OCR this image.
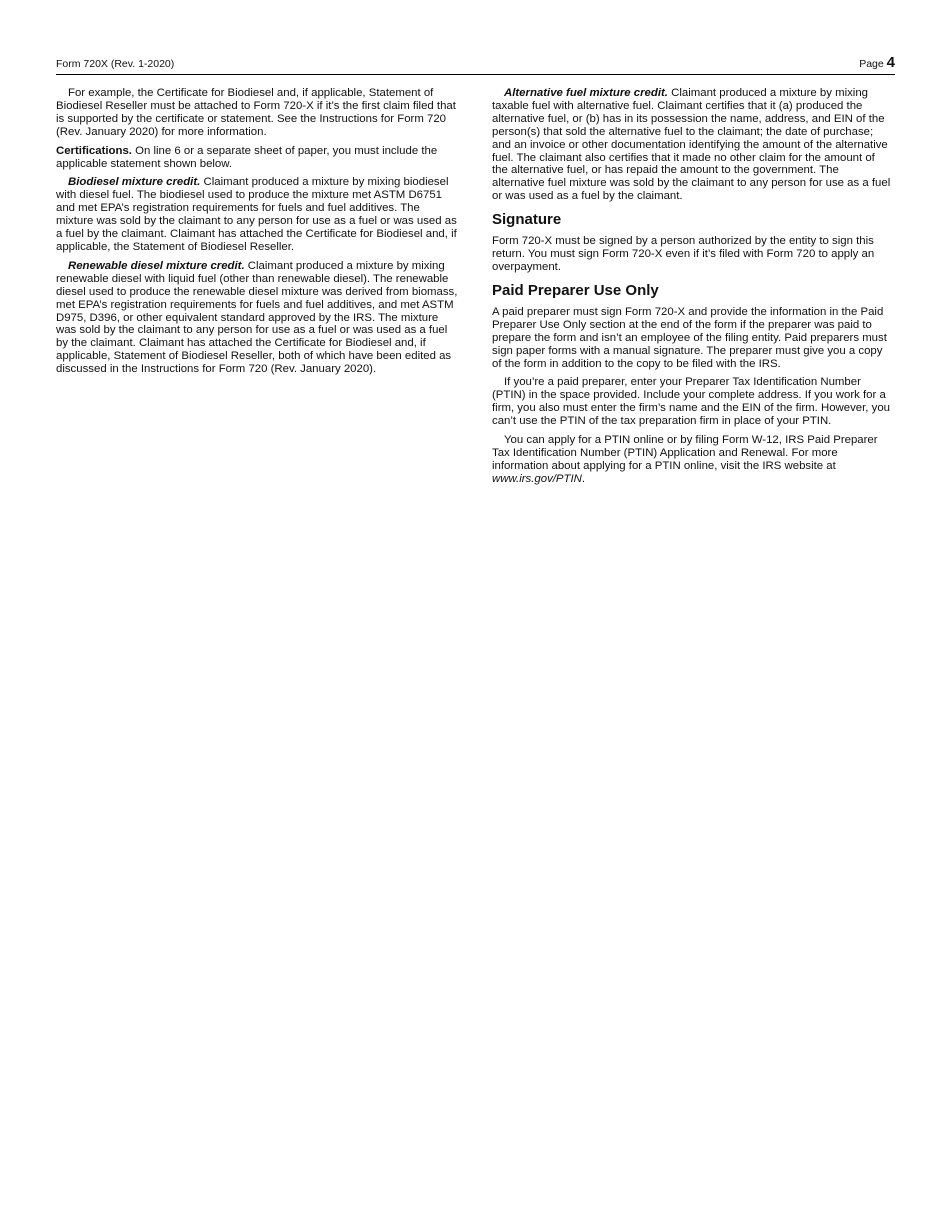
Form 720X (Rev. 1-2020)	Page 4

For example, the Certificate for Biodiesel and, if applicable, Statement of Biodiesel Reseller must be attached to Form 720-X if it’s the first claim filed that is supported by the certificate or statement. See the Instructions for Form 720 (Rev. January 2020) for more information.

Certifications. On line 6 or a separate sheet of paper, you must include the applicable statement shown below.

Biodiesel mixture credit. Claimant produced a mixture by mixing biodiesel with diesel fuel. The biodiesel used to produce the mixture met ASTM D6751 and met EPA’s registration requirements for fuels and fuel additives. The mixture was sold by the claimant to any person for use as a fuel or was used as a fuel by the claimant. Claimant has attached the Certificate for Biodiesel and, if applicable, the Statement of Biodiesel Reseller.

Renewable diesel mixture credit. Claimant produced a mixture by mixing renewable diesel with liquid fuel (other than renewable diesel). The renewable diesel used to produce the renewable diesel mixture was derived from biomass, met EPA’s registration requirements for fuels and fuel additives, and met ASTM D975, D396, or other equivalent standard approved by the IRS. The mixture was sold by the claimant to any person for use as a fuel or was used as a fuel by the claimant. Claimant has attached the Certificate for Biodiesel and, if applicable, Statement of Biodiesel Reseller, both of which have been edited as discussed in the Instructions for Form 720 (Rev. January 2020).

Alternative fuel mixture credit. Claimant produced a mixture by mixing taxable fuel with alternative fuel. Claimant certifies that it (a) produced the alternative fuel, or (b) has in its possession the name, address, and EIN of the person(s) that sold the alternative fuel to the claimant; the date of purchase; and an invoice or other documentation identifying the amount of the alternative fuel. The claimant also certifies that it made no other claim for the amount of the alternative fuel, or has repaid the amount to the government. The alternative fuel mixture was sold by the claimant to any person for use as a fuel or was used as a fuel by the claimant.

Signature

Form 720-X must be signed by a person authorized by the entity to sign this return. You must sign Form 720-X even if it’s filed with Form 720 to apply an overpayment.

Paid Preparer Use Only

A paid preparer must sign Form 720-X and provide the information in the Paid Preparer Use Only section at the end of the form if the preparer was paid to prepare the form and isn’t an employee of the filing entity. Paid preparers must sign paper forms with a manual signature. The preparer must give you a copy of the form in addition to the copy to be filed with the IRS.

If you’re a paid preparer, enter your Preparer Tax Identification Number (PTIN) in the space provided. Include your complete address. If you work for a firm, you also must enter the firm’s name and the EIN of the firm. However, you can’t use the PTIN of the tax preparation firm in place of your PTIN.

You can apply for a PTIN online or by filing Form W-12, IRS Paid Preparer Tax Identification Number (PTIN) Application and Renewal. For more information about applying for a PTIN online, visit the IRS website at www.irs.gov/PTIN.
